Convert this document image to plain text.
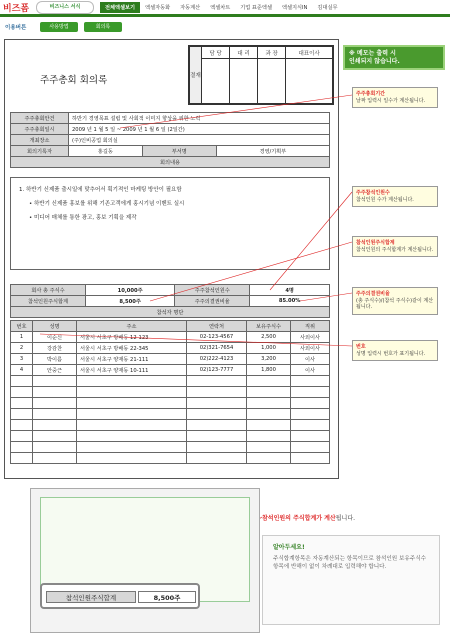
비즈폼	비즈니스 서식	전체엑셀보기	엑셀자동화	자동계산	엑셀차트	기업 표준엑셀	엑셀지식IN	김대실무
이용버튼	사용방법	회의록
주주총회 회의록	결재	담 당	대 리	과 장	대표이사

주주총회안건	하반기 경영목표 설립 및 사회적 이미지 향상을 위한 노력		
주주총회일시	2009 년 1 월 5 일 ~ 2009 년 1 월 6 일 (2일간)		
개최장소	(주)인비공업 회의실		
회의기록자	홍길동	부서명	경영/기획부
회의내용			

1. 하반기 신제품 출시일에 맞추어서 획기적인 마케팅 방안이 필요함

• 하반기 신제품 홍보를 위해 기존고객에게 홍시기념 이벤트 실시

• 미디어 매체를 통한 광고, 홍보 기획을 제작

회사 총 주식수	10,000주	주주참석인원수	4명
참석인원주식합계	8,500주	주주의결권비율	85.00%
참석자 명단			
번호	성명	주소	연락처	보유주식수	직위
1	이순신	서울시 서초구 방배동 12-123	02-123-4567	2,500	사외이사
2	강감찬	서울시 서초구 방배동 22-345	02)321-7654	1,000	사외이사
3	박이름	서울시 서초구 양재동 21-111	02)222-4123	3,200	이사
4	안중근	서울시 서초구 양재동 10-111	02)123-7777	1,800	이사

※ 메모는 출력 시
인쇄되지 않습니다.
주주총회기간
날짜 입력시 일수가 계산됩니다.
주주참석인원수
참석인원 수가 계산됩니다.
참석인원주식합계
참석인원의 주식합계가 계산됩니다.
주주의결권비율
(총 주식수)/(참석 주식수)같이 계산됩니다.
번호
성명 입력시 번호가 표기됩니다.
참석인원주식합계	8,500주
참석인원의 주식합계가 계산됩니다.
알아두세요!

주식합계항목은 자동계산되는 항목이므로 참석인원 보유주식수 항목에 반해이 없이 차례대로 입력해야 합니다.
